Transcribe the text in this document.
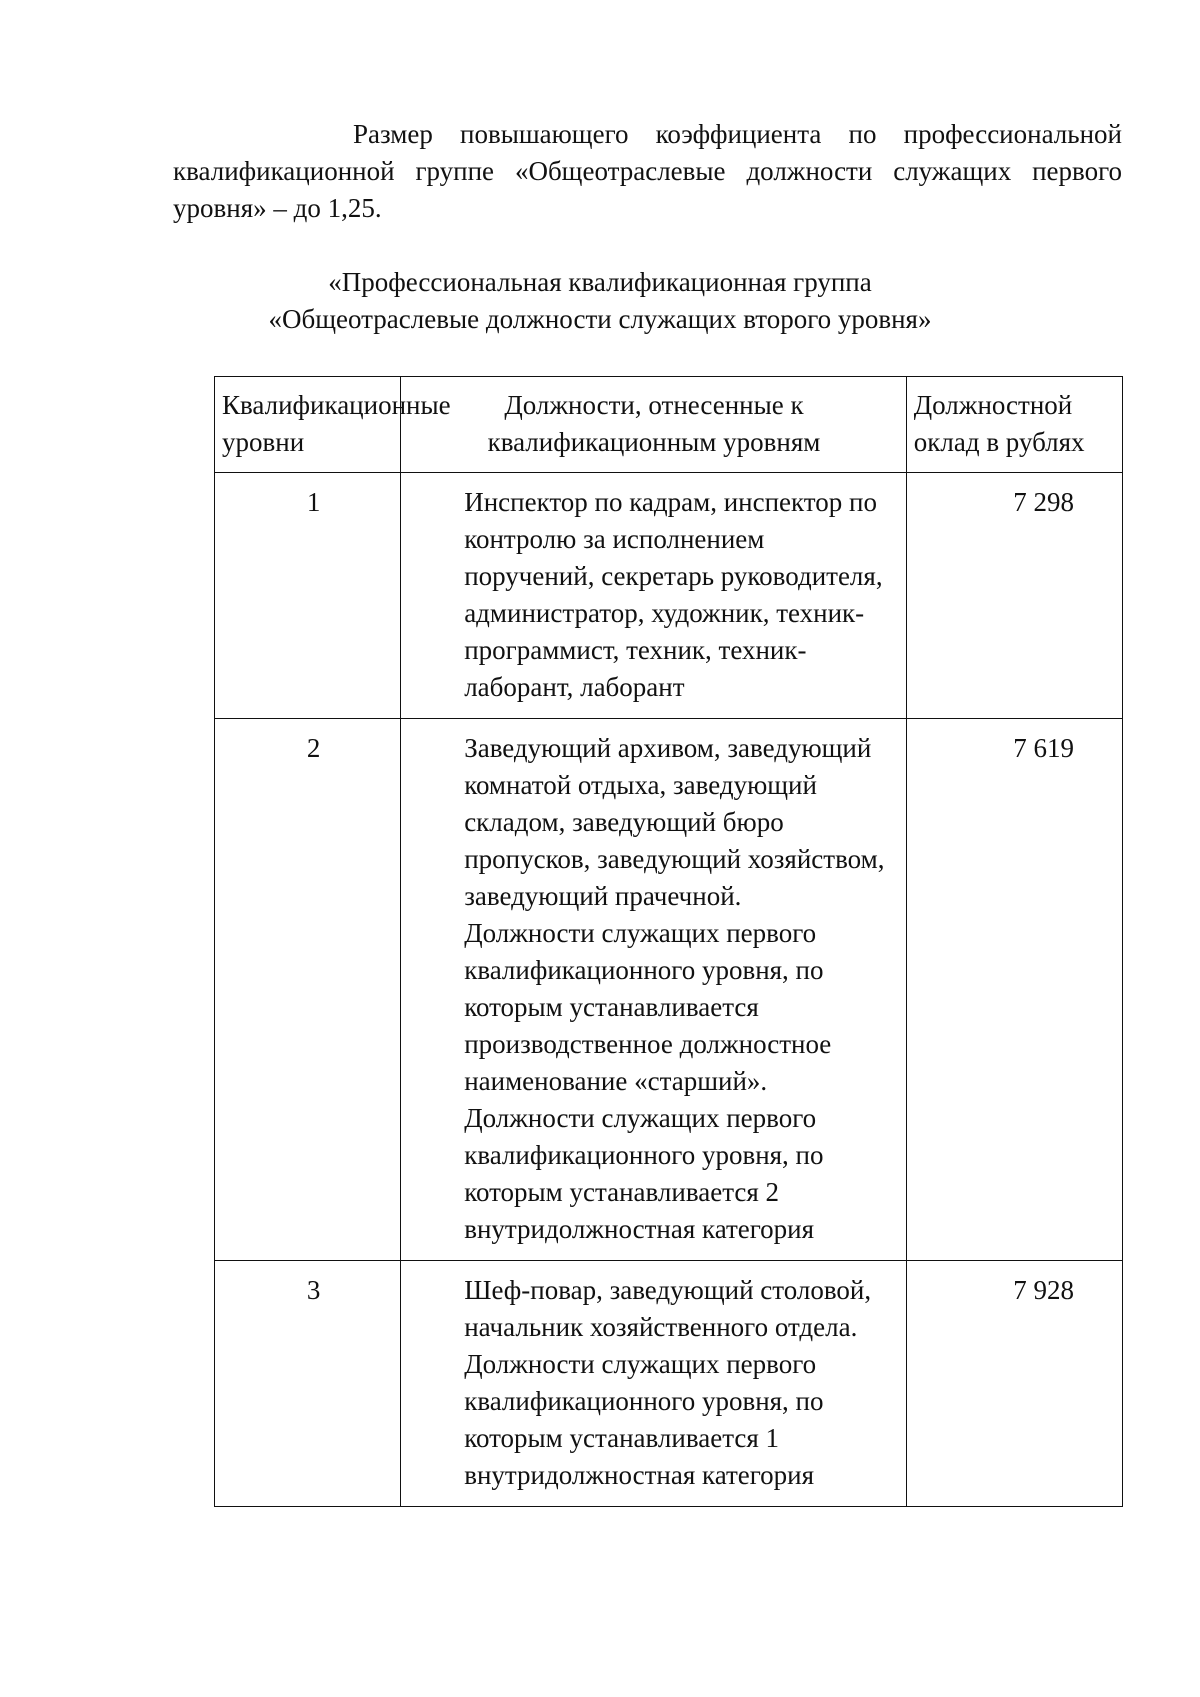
Размер повышающего коэффициента по профессиональной квалификационной группе «Общеотраслевые должности служащих первого уровня» – до 1,25.

«Профессиональная квалификационная группа
«Общеотраслевые должности служащих второго уровня»
Квалификационные уровни	Должности, отнесенные к квалификационным уровням	Должностной оклад в рублях

1	Инспектор по кадрам, инспектор по контролю за исполнением поручений, секретарь руководителя, администратор, художник, техник-программист, техник, техник-лаборант, лаборант	7 298

2	Заведующий архивом, заведующий комнатой отдыха, заведующий складом, заведующий бюро пропусков, заведующий хозяйством, заведующий прачечной.
Должности служащих первого квалификационного уровня, по которым устанавливается производственное должностное наименование «старший».
Должности служащих первого квалификационного уровня, по которым устанавливается 2 внутридолжностная категория	7 619

3	Шеф-повар, заведующий столовой, начальник хозяйственного отдела.
Должности служащих первого квалификационного уровня, по которым устанавливается 1 внутридолжностная категория	7 928
